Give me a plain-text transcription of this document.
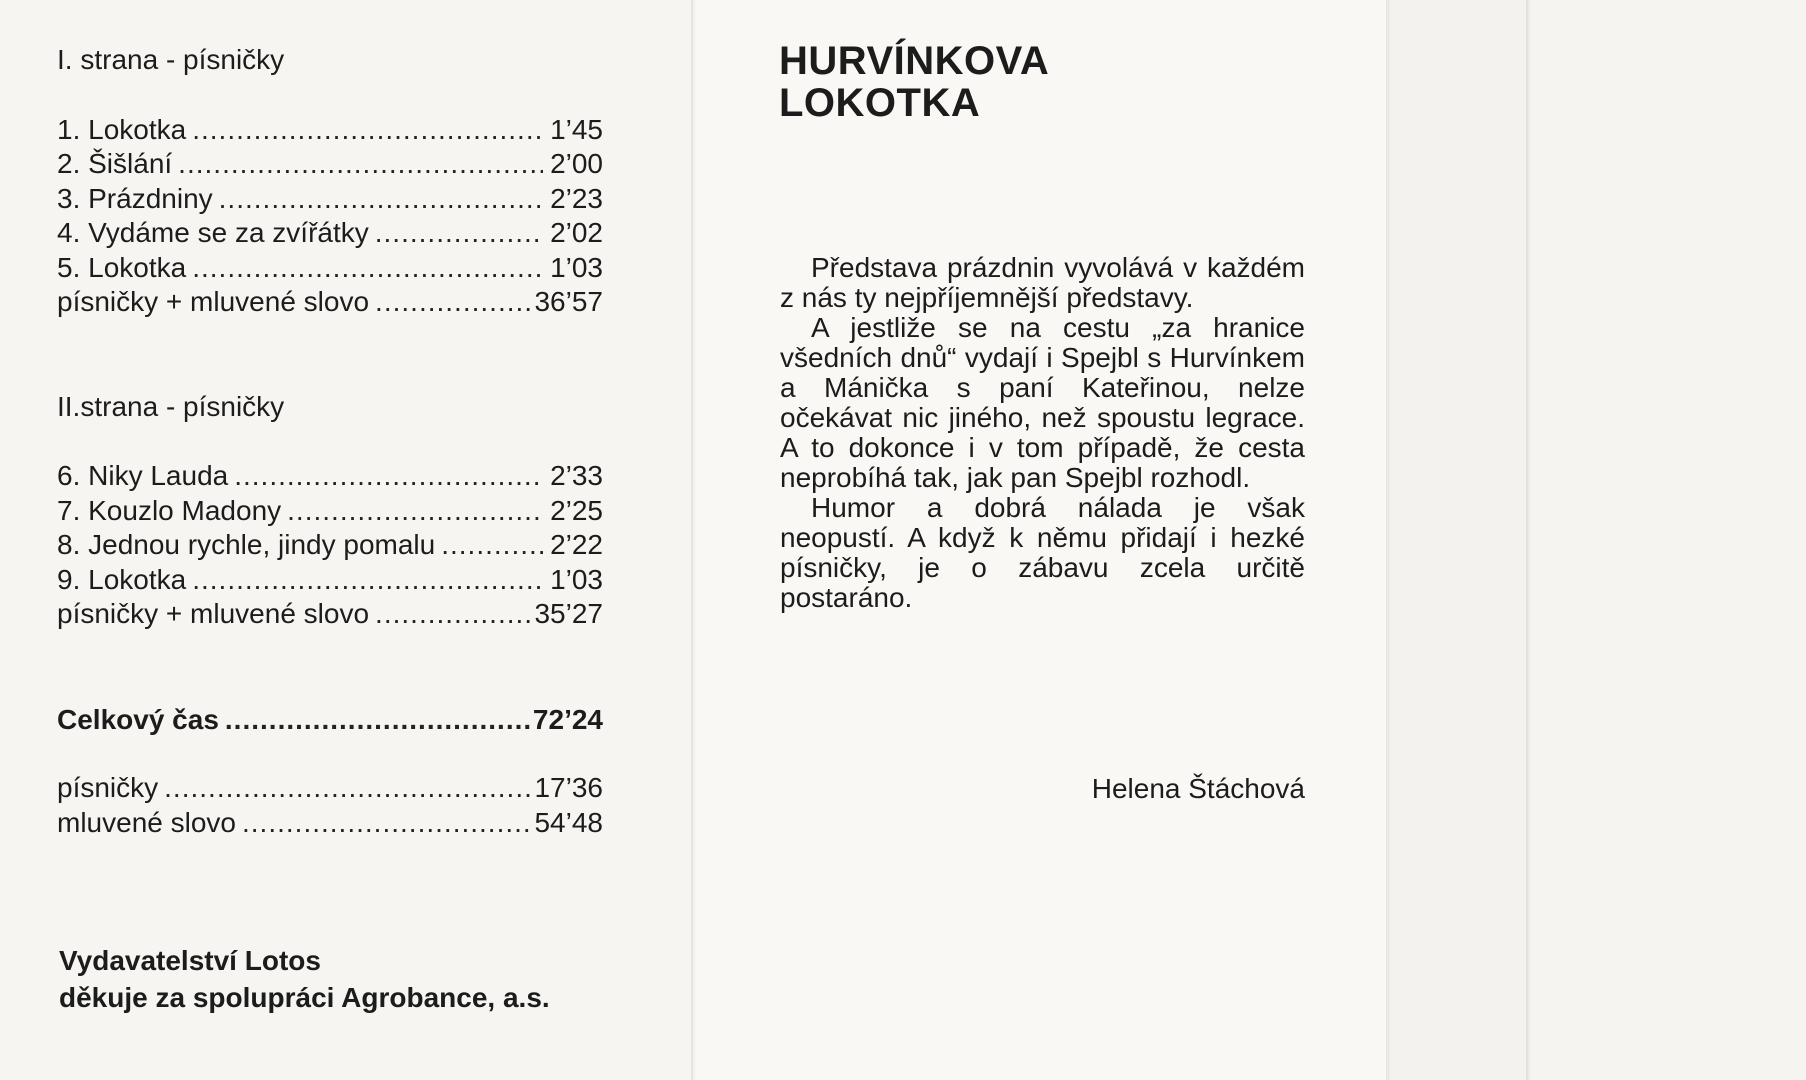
I. strana - písničky
1. Lokotka .....	1’45
2. Šišlání .....	2’00
3. Prázdniny .....	2’23
4. Vydáme se za zvířátky .....	2’02
5. Lokotka .....	1’03
písničky + mluvené slovo .....	36’57
II.strana - písničky
6. Niky Lauda .....	2’33
7. Kouzlo Madony .....	2’25
8. Jednou rychle, jindy pomalu .....	2’22
9. Lokotka .....	1’03
písničky + mluvené slovo .....	35’27
Celkový čas .....	72’24
písničky .....	17’36
mluvené slovo .....	54’48
Vydavatelství Lotos
děkuje za spolupráci Agrobance, a.s.
HURVÍNKOVA
LOKOTKA

Představa prázdnin vyvolává v každém z nás ty nejpříjemnější představy.

A jestliže se na cestu „za hranice všedních dnů“ vydají i Spejbl s Hurvínkem a Mánička s paní Kateřinou, nelze očekávat nic jiného, než spoustu legrace. A to dokonce i v tom případě, že cesta neprobíhá tak, jak pan Spejbl rozhodl.

Humor a dobrá nálada je však neopustí. A když k němu přidají i hezké písničky, je o zábavu zcela určitě postaráno.

Helena Štáchová
